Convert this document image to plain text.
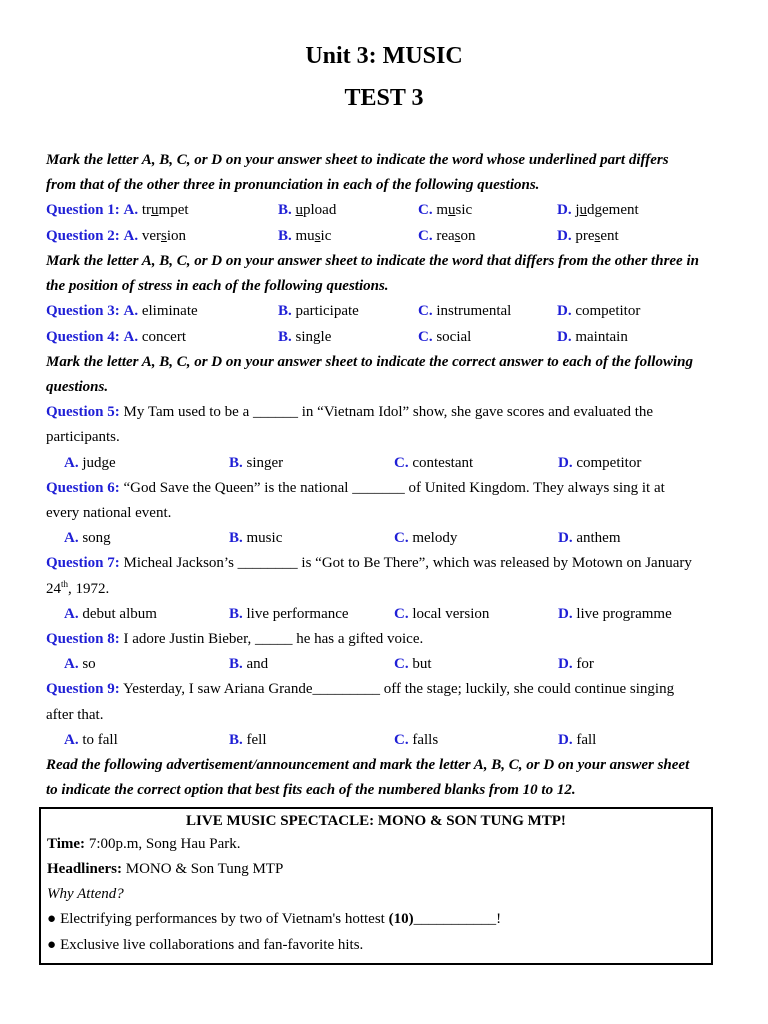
Unit 3: MUSIC
TEST 3
Mark the letter A, B, C, or D on your answer sheet to indicate the word whose underlined part differs
from that of the other three in pronunciation in each of the following questions.
Question 1: A. trumpet	B. upload	C. music	D. judgement
Question 2: A. version	B. music	C. reason	D. present
Mark the letter A, B, C, or D on your answer sheet to indicate the word that differs from the other three in
the position of stress in each of the following questions.
Question 3: A. eliminate	B. participate	C. instrumental	D. competitor
Question 4: A. concert	B. single	C. social	D. maintain
Mark the letter A, B, C, or D on your answer sheet to indicate the correct answer to each of the following
questions.
Question 5: My Tam used to be a ______ in “Vietnam Idol” show, she gave scores and evaluated the
participants.
A. judge	B. singer	C. contestant	D. competitor
Question 6: “God Save the Queen” is the national _______ of United Kingdom. They always sing it at
every national event.
A. song	B. music	C. melody	D. anthem
Question 7: Micheal Jackson’s ________ is “Got to Be There”, which was released by Motown on January
24th, 1972.
A. debut album	B. live performance	C. local version	D. live programme
Question 8: I adore Justin Bieber, _____ he has a gifted voice.
A. so	B. and	C. but	D. for
Question 9: Yesterday, I saw Ariana Grande_________ off the stage; luckily, she could continue singing
after that.
A. to fall	B. fell	C. falls	D. fall
Read the following advertisement/announcement and mark the letter A, B, C, or D on your answer sheet
to indicate the correct option that best fits each of the numbered blanks from 10 to 12.
LIVE MUSIC SPECTACLE: MONO & SON TUNG MTP!
Time: 7:00p.m, Song Hau Park.
Headliners: MONO & Son Tung MTP
Why Attend?
● Electrifying performances by two of Vietnam's hottest (10)___________!
● Exclusive live collaborations and fan-favorite hits.
